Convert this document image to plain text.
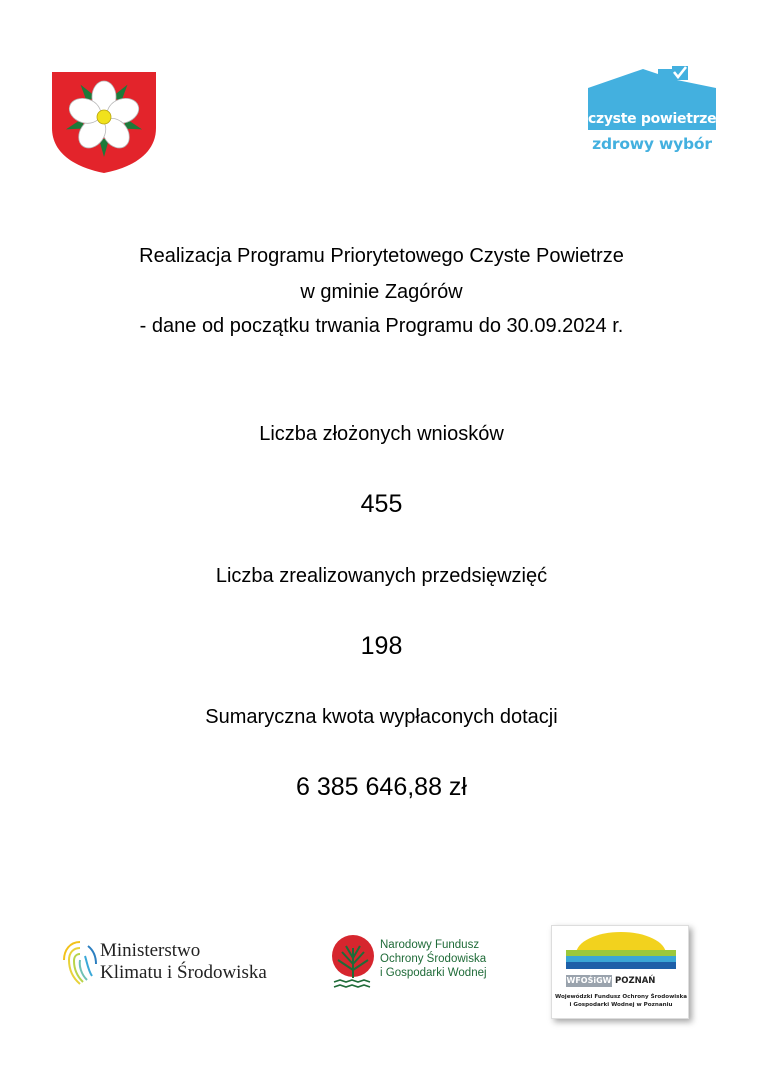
czyste powietrze
zdrowy wybór
Realizacja Programu Priorytetowego Czyste Powietrze
w gminie Zagórów
- dane od początku trwania Programu do 30.09.2024 r.
Liczba złożonych wniosków
455
Liczba zrealizowanych przedsięwzięć
198
Sumaryczna kwota wypłaconych dotacji
6 385 646,88 zł
Ministerstwo
Klimatu i Środowiska
Narodowy Fundusz
Ochrony Środowiska
i Gospodarki Wodnej
WFOŚiGW POZNAŃ
Wojewódzki Fundusz Ochrony Środowiska
i Gospodarki Wodnej w Poznaniu
